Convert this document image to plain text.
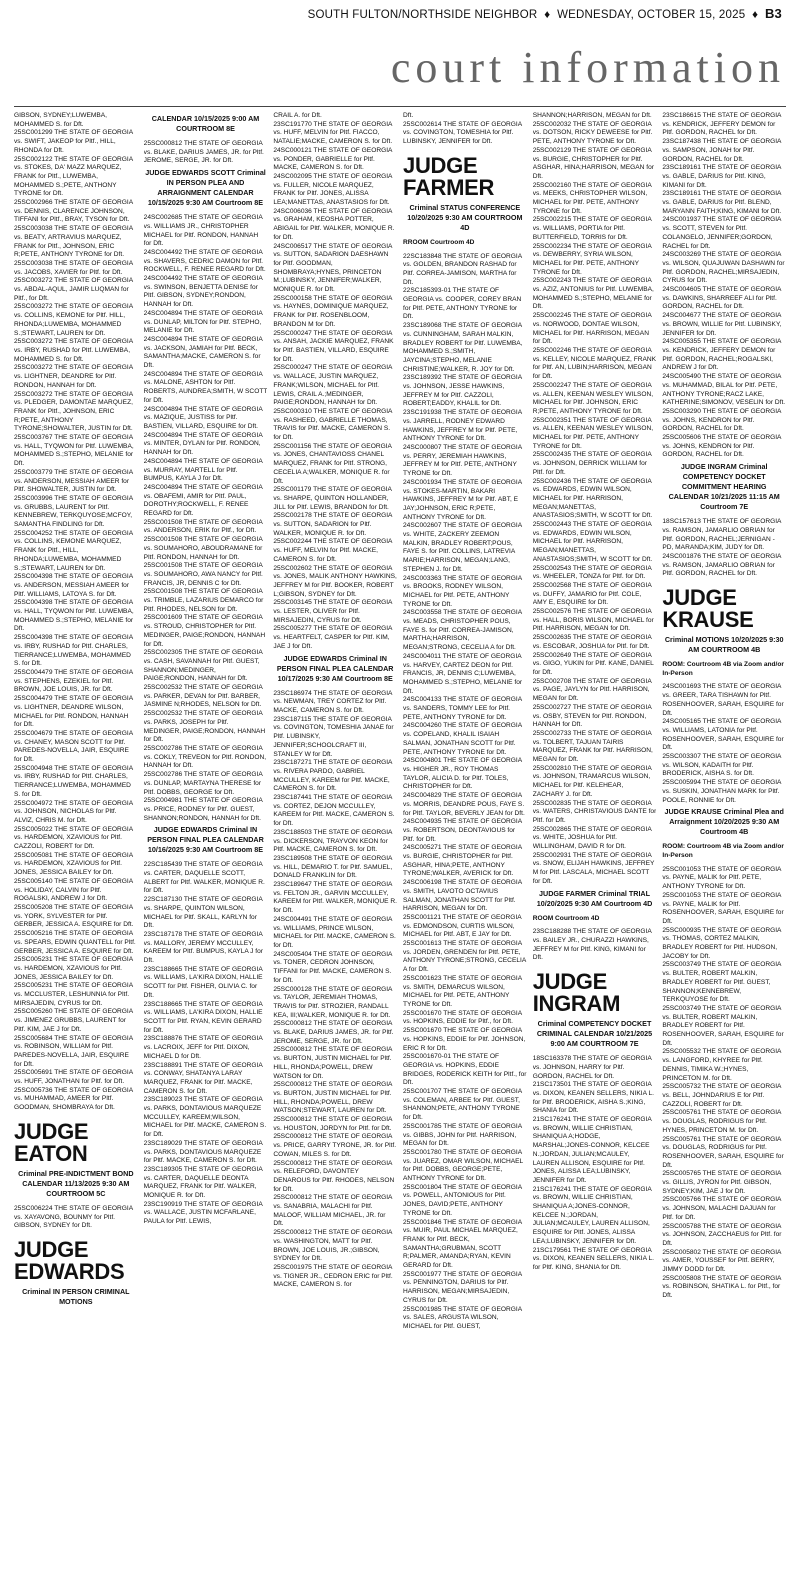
SOUTH FULTON/NORTHSIDE NEIGHBOR  ♦  WEDNESDAY, OCTOBER 15, 2025  ♦  B3
court information

GIBSON, SYDNEY;LUWEMBA, MOHAMMED S. for Dft.

25SC001299 THE STATE OF GEORGIA vs. SWIFT, JAKEOP for Pltf., HILL, RHONDA for Dft.

25SC002122 THE STATE OF GEORGIA vs. STOKES, DA' MAZZ MARQUEZ, FRANK for Pltf., LUWEMBA, MOHAMMED S.;PETE, ANTHONY TYRONE for Dft.

25SC002966 THE STATE OF GEORGIA vs. DENNIS, CLARENCE JOHNSON, TIFFANI for Pltf., BRAY, TYSON for Dft.

25SC003038 THE STATE OF GEORGIA vs. BEATY, ARTRAVIUS MARQUEZ, FRANK for Pltf., JOHNSON, ERIC R;PETE, ANTHONY TYRONE for Dft.

25SC003038 THE STATE OF GEORGIA vs. JACOBS, XAVIER for Pltf. for Dft.

25SC003272 THE STATE OF GEORGIA vs. ABDAL-AQUL, JAMIR LUQMAN for Pltf., for Dft.

25SC003272 THE STATE OF GEORGIA vs. COLLINS, KEMONE for Pltf. HILL, RHONDA;LUWEMBA, MOHAMMED S.;STEWART, LAUREN for Dft.

25SC003272 THE STATE OF GEORGIA vs. IRBY, RUSHAD for Pltf. LUWEMBA, MOHAMMED S. for Dft.

25SC003272 THE STATE OF GEORGIA vs. LIGHTNER, DEANDRE for Pltf. RONDON, HANNAH for Dft.

25SC003272 THE STATE OF GEORGIA vs. PLEDGER, DAMONTAE MARQUEZ, FRANK for Pltf., JOHNSON, ERIC R;PETE, ANTHONY TYRONE;SHOWALTER, JUSTIN for Dft.

25SC003767 THE STATE OF GEORGIA vs. HALL, TYQWON for Pltf. LUWEMBA, MOHAMMED S.;STEPHO, MELANIE for Dft.

25SC003779 THE STATE OF GEORGIA vs. ANDERSON, MESSIAH AMEER for Pltf. SHOWALTER, JUSTIN for Dft.

25SC003996 THE STATE OF GEORGIA vs. GRUBBS, LAURENT for Pltf. KENNEBREW, TERKQUYOSE;MCFOY, SAMANTHA FINDLING for Dft.

25SC004252 THE STATE OF GEORGIA vs. COLLINS, KEMONE MARQUEZ, FRANK for Pltf., HILL, RHONDA;LUWEMBA, MOHAMMED S.;STEWART, LAUREN for Dft.

25SC004398 THE STATE OF GEORGIA vs. ANDERSON, MESSIAH AMEER for Pltf. WILLIAMS, LATOYA S. for Dft.

25SC004398 THE STATE OF GEORGIA vs. HALL, TYQWON for Pltf. LUWEMBA, MOHAMMED S.;STEPHO, MELANIE for Dft.

25SC004398 THE STATE OF GEORGIA vs. IRBY, RUSHAD for Pltf. CHARLES, TIERRANCE;LUWEMBA, MOHAMMED S. for Dft.

25SC004479 THE STATE OF GEORGIA vs. STEPHENS, EZEKIEL for Pltf. BROWN, JOE LOUIS, JR. for Dft.

25SC004479 THE STATE OF GEORGIA vs. LIGHTNER, DEANDRE WILSON, MICHAEL for Pltf. RONDON, HANNAH for Dft.

25SC004679 THE STATE OF GEORGIA vs. CHANEY, MASON SCOTT for Pltf. PAREDES-NOVELLA, JAIR, ESQUIRE for Dft.

25SC004948 THE STATE OF GEORGIA vs. IRBY, RUSHAD for Pltf. CHARLES, TIERRANCE;LUWEMBA, MOHAMMED S. for Dft.

25SC004972 THE STATE OF GEORGIA vs. JOHNSON, NICHOLAS for Pltf. ALVIZ, CHRIS M. for Dft.

25SC005022 THE STATE OF GEORGIA vs. HARDEMON, XZAVIOUS for Pltf. CAZZOLI, ROBERT for Dft.

25SC005081 THE STATE OF GEORGIA vs. HARDEMON, XZAVIOUS for Pltf. JONES, JESSICA BAILEY for Dft.

25SC005140 THE STATE OF GEORGIA vs. HOLIDAY, CALVIN for Pltf. ROGALSKI, ANDREW J for Dft.

25SC005208 THE STATE OF GEORGIA vs. YORK, SYLVESTER for Pltf. GERBER, JESSICA A. ESQUIRE for Dft.

25SC005216 THE STATE OF GEORGIA vs. SPEARS, EDWIN QUANTELL for Pltf. GERBER, JESSICA A. ESQUIRE for Dft.

25SC005231 THE STATE OF GEORGIA vs. HARDEMON, XZAVIOUS for Pltf. JONES, JESSICA BAILEY for Dft.

25SC005231 THE STATE OF GEORGIA vs. MCCLUSTER, LESHUNNIA for Pltf. MIRSAJEDIN, CYRUS for Dft.

25SC005260 THE STATE OF GEORGIA vs. JIMENEZ GRUBBS, LAURENT for Pltf. KIM, JAE J for Dft.

25SC005684 THE STATE OF GEORGIA vs. ROBINSON, WILLIAM for Pltf. PAREDES-NOVELLA, JAIR, ESQUIRE for Dft.

25SC005691 THE STATE OF GEORGIA vs. HUFF, JONATHAN for Pltf. for Dft.

25SC005736 THE STATE OF GEORGIA vs. MUHAMMAD, AMEER for Pltf. GOODMAN, SHOMBRAYA for Dft.

JUDGE EATON
Criminal PRE-INDICTMENT BOND CALENDAR 11/13/2025 9:30 AM COURTROOM 5C

25SC006224 THE STATE OF GEORGIA vs. XAYAVONG, BOUNMY for Pltf. GIBSON, SYDNEY for Dft.

JUDGE EDWARDS
Criminal IN PERSON CRIMINAL MOTIONS
CALENDAR 10/15/2025 9:00 AM COURTROOM 8E

25SC000812 THE STATE OF GEORGIA vs. BLAKE, DARIUS JAMES, JR. for Pltf. JEROME, SERGE, JR. for Dft.

JUDGE EDWARDS SCOTT Criminal IN PERSON PLEA AND ARRAIGNMENT CALENDAR 10/15/2025 9:30 AM Courtroom 8E

24SC002685 THE STATE OF GEORGIA vs. WILLIAMS JR., CHRISTOPHER MICHAEL for Pltf. RONDON, HANNAH for Dft.

24SC004492 THE STATE OF GEORGIA vs. SHAVERS, CEDRIC DAMON for Pltf. ROCKWELL, F. RENEE REGARD for Dft.

24SC004492 THE STATE OF GEORGIA vs. SWINSON, BENJETTA DENISE for Pltf. GIBSON, SYDNEY;RONDON, HANNAH for Dft.

24SC004894 THE STATE OF GEORGIA vs. DUNLAP, MILTON for Pltf. STEPHO, MELANIE for Dft.

24SC004894 THE STATE OF GEORGIA vs. JACKSON, JAMIAH for Pltf. BECK, SAMANTHA;MACKE, CAMERON S. for Dft.

24SC004894 THE STATE OF GEORGIA vs. MALONE, ASHTON for Pltf. ROBERTS, AUNDREA;SMITH, W SCOTT for Dft.

24SC004894 THE STATE OF GEORGIA vs. MAZIQUE, JUSTISS for Pltf. BASTIEN, VILLARD, ESQUIRE for Dft.

24SC004894 THE STATE OF GEORGIA vs. MINTER, DYLAN for Pltf. RONDON, HANNAH for Dft.

24SC004894 THE STATE OF GEORGIA vs. MURRAY, MARTELL for Pltf. BUMPUS, KAYLA J for Dft.

24SC004894 THE STATE OF GEORGIA vs. OBAFEMI, AMIR for Pltf. PAUL, DOROTHY;ROCKWELL, F. RENEE REGARD for Dft.

25SC001508 THE STATE OF GEORGIA vs. ANDERSON, ERIK for Pltf., for Dft.

25SC001508 THE STATE OF GEORGIA vs. SOUMAHORO, ABOUDRAMANE for Pltf. RONDON, HANNAH for Dft.

25SC001508 THE STATE OF GEORGIA vs. SOUMAHORO, AWA NANCY for Pltf. FRANCIS, JR, DENNIS C for Dft.

25SC001508 THE STATE OF GEORGIA vs. TRIMBLE, LAZARIUS DEMARCO for Pltf. RHODES, NELSON for Dft.

25SC001609 THE STATE OF GEORGIA vs. STROUD, CHRISTOPHER for Pltf. MEDINGER, PAIGE;RONDON, HANNAH for Dft.

25SC002305 THE STATE OF GEORGIA vs. CASH, SAVANNAH for Pltf. GUEST, SHANNON;MEDINGER, PAIGE;RONDON, HANNAH for Dft.

25SC002532 THE STATE OF GEORGIA vs. PARKER, DEVAN for Pltf. BARBER, JASMINE N;RHODES, NELSON for Dft.

25SC002532 THE STATE OF GEORGIA vs. PARKS, JOSEPH for Pltf. MEDINGER, PAIGE;RONDON, HANNAH for Dft.

25SC002786 THE STATE OF GEORGIA vs. COKLY, TREVEON for Pltf. RONDON, HANNAH for Dft.

25SC002786 THE STATE OF GEORGIA vs. DUNLAP, MARTAYNA THERESE for Pltf. DOBBS, GEORGE for Dft.

25SC004981 THE STATE OF GEORGIA vs. PRICE, RODNEY for Pltf. GUEST, SHANNON;RONDON, HANNAH for Dft.

JUDGE EDWARDS Criminal IN PERSON FINAL PLEA CALENDAR 10/16/2025 9:30 AM Courtroom 8E

22SC185439 THE STATE OF GEORGIA vs. CARTER, DAQUELLE SCOTT, ALBERT for Pltf. WALKER, MONIQUE R. for Dft.

22SC187130 THE STATE OF GEORGIA vs. SHARPE, QUINTON WILSON, MICHAEL for Pltf. SKALL, KARLYN for Dft.

23SC187178 THE STATE OF GEORGIA vs. MALLORY, JEREMY MCCULLEY, KAREEM for Pltf. BUMPUS, KAYLA J for Dft.

23SC188665 THE STATE OF GEORGIA vs. WILLIAMS, LA'KIRA DIXON, HALLIE SCOTT for Pltf. FISHER, OLIVIA C. for Dft.

23SC188665 THE STATE OF GEORGIA vs. WILLIAMS, LA'KIRA DIXON, HALLIE SCOTT for Pltf. RYAN, KEVIN GERARD for Dft.

23SC188876 THE STATE OF GEORGIA vs. LACROIX, JEFF for Pltf. DIXON, MICHAEL D for Dft.

23SC188891 THE STATE OF GEORGIA vs. CONWAY, SHATANYA LARAY MARQUEZ, FRANK for Pltf. MACKE, CAMERON S. for Dft.

23SC189023 THE STATE OF GEORGIA vs. PARKS, DONTAVIOUS MARQUEZE MCCULLEY, KAREEM;WILSON, MICHAEL for Pltf. MACKE, CAMERON S. for Dft.

23SC189029 THE STATE OF GEORGIA vs. PARKS, DONTAVIOUS MARQUEZE for Pltf. MACKE, CAMERON S. for Dft.

23SC189305 THE STATE OF GEORGIA vs. CARTER, DAQUELLE DEONTA MARQUEZ, FRANK for Pltf. WALKER, MONIQUE R. for Dft.

23SC190919 THE STATE OF GEORGIA vs. WALLACE, JUSTIN MCFARLANE, PAULA for Pltf. LEWIS,

CRAIL A. for Dft.

23SC191770 THE STATE OF GEORGIA vs. HUFF, MELVIN for Pltf. FIACCO, NATALIE;MACKE, CAMERON S. for Dft.

24SC000121 THE STATE OF GEORGIA vs. PONDER, GABRIELLE for Pltf. MACKE, CAMERON S. for Dft.

24SC002095 THE STATE OF GEORGIA vs. FULLER, NICOLE MARQUEZ, FRANK for Pltf. JONES, ALISSA LEA;MANETTAS, ANASTASIOS for Dft.

24SC006036 THE STATE OF GEORGIA vs. GRAHAM, KEOSHA POTTER, ABIGAIL for Pltf. WALKER, MONIQUE R. for Dft.

24SC006517 THE STATE OF GEORGIA vs. SUTTON, SADARION DAESHAWN for Pltf. GOODMAN, SHOMBRAYA;HYNES, PRINCETON M.;LUBINSKY, JENNIFER;WALKER, MONIQUE R. for Dft.

25SC000158 THE STATE OF GEORGIA vs. HAYNES, DOMINIQUE MARQUEZ, FRANK for Pltf. ROSENBLOOM, BRANDON M for Dft.

25SC000247 THE STATE OF GEORGIA vs. ANSAH, JACKIE MARQUEZ, FRANK for Pltf. BASTIEN, VILLARD, ESQUIRE for Dft.

25SC000247 THE STATE OF GEORGIA vs. WALLACE, JUSTIN MARQUEZ, FRANK;WILSON, MICHAEL for Pltf. LEWIS, CRAIL A.;MEDINGER, PAIGE;RONDON, HANNAH for Dft.

25SC000310 THE STATE OF GEORGIA vs. RASHEED, GABRIELLE THOMAS, TRAVIS for Pltf. MACKE, CAMERON S. for Dft.

25SC001156 THE STATE OF GEORGIA vs. JONES, CHANTAVIOSS CHANEL MARQUEZ, FRANK for Pltf. STRONG, CECELIA A;WALKER, MONIQUE R. for Dft.

25SC001179 THE STATE OF GEORGIA vs. SHARPE, QUINTON HOLLANDER, JILL for Pltf. LEWIS, BRANDON for Dft.

25SC002178 THE STATE OF GEORGIA vs. SUTTON, SADARION for Pltf. WALKER, MONIQUE R. for Dft.

25SC002244 THE STATE OF GEORGIA vs. HUFF, MELVIN for Pltf. MACKE, CAMERON S. for Dft.

25SC002602 THE STATE OF GEORGIA vs. JONES, MALIK ANTHONY HAWKINS, JEFFREY M for Pltf. BOOKER, ROBERT L;GIBSON, SYDNEY for Dft.

25SC003145 THE STATE OF GEORGIA vs. LESTER, OLIVER for Pltf. MIRSAJEDIN, CYRUS for Dft.

25SC005277 THE STATE OF GEORGIA vs. HEARTFELT, CASPER for Pltf. KIM, JAE J for Dft.

JUDGE EDWARDS Criminal IN PERSON FINAL PLEA CALENDAR 10/17/2025 9:30 AM Courtroom 8E

23SC186974 THE STATE OF GEORGIA vs. NEWMAN, TREY CORTEZ for Pltf. MACKE, CAMERON S. for Dft.

23SC187115 THE STATE OF GEORGIA vs. COVINGTON, TOMESHIA JANAE for Pltf. LUBINSKY, JENNIFER;SCHOOLCRAFT III, STANLEY W for Dft.

23SC187271 THE STATE OF GEORGIA vs. RIVERA PARDO, GABRIEL MCCULLEY, KAREEM for Pltf. MACKE, CAMERON S. for Dft.

23SC187441 THE STATE OF GEORGIA vs. CORTEZ, DEJON MCCULLEY, KAREEM for Pltf. MACKE, CAMERON S. for Dft.

23SC188503 THE STATE OF GEORGIA vs. DICKERSON, TRAYVON KEON for Pltf. MACKE, CAMERON S. for Dft.

23SC189508 THE STATE OF GEORGIA vs. HILL, DEMARIO T. for Pltf. SAMUEL, DONALD FRANKLIN for Dft.

23SC189647 THE STATE OF GEORGIA vs. FELTON JR., GARVIN MCCULLEY, KAREEM for Pltf. WALKER, MONIQUE R. for Dft.

24SC004491 THE STATE OF GEORGIA vs. WILLIAMS, PRINCE WILSON, MICHAEL for Pltf. MACKE, CAMERON S. for Dft.

24SC005404 THE STATE OF GEORGIA vs. TONER, CEDRON JOHNSON, TIFFANI for Pltf. MACKE, CAMERON S. for Dft.

25SC000128 THE STATE OF GEORGIA vs. TAYLOR, JEREMIAH THOMAS, TRAVIS for Pltf. STROZIER, RANDALL KEA, III;WALKER, MONIQUE R. for Dft.

25SC000812 THE STATE OF GEORGIA vs. BLAKE, DARIUS JAMES, JR. for Pltf. JEROME, SERGE, JR. for Dft.

25SC000812 THE STATE OF GEORGIA vs. BURTON, JUSTIN MICHAEL for Pltf. HILL, RHONDA;POWELL, DREW WATSON for Dft.

25SC000812 THE STATE OF GEORGIA vs. BURTON, JUSTIN MICHAEL for Pltf. HILL, RHONDA;POWELL, DREW WATSON;STEWART, LAUREN for Dft.

25SC000812 THE STATE OF GEORGIA vs. HOUSTON, JORDYN for Pltf. for Dft.

25SC000812 THE STATE OF GEORGIA vs. PRICE, GARRY TYRONE, JR. for Pltf. COWAN, MILES S. for Dft.

25SC000812 THE STATE OF GEORGIA vs. RELEFORD, DAVONTEY DENAROUS for Pltf. RHODES, NELSON for Dft.

25SC000812 THE STATE OF GEORGIA vs. SANABRIA, MALACHI for Pltf. MALOOF, WILLIAM MICHAEL, JR. for Dft.

25SC000812 THE STATE OF GEORGIA vs. WASHINGTON, MATT for Pltf. BROWN, JOE LOUIS, JR.;GIBSON, SYDNEY for Dft.

25SC001975 THE STATE OF GEORGIA vs. TIGNER JR., CEDRON ERIC for Pltf. MACKE, CAMERON S. for

Dft.

25SC002614 THE STATE OF GEORGIA vs. COVINGTON, TOMESHIA for Pltf. LUBINSKY, JENNIFER for Dft.

JUDGE FARMER
Criminal STATUS CONFERENCE 10/20/2025 9:30 AM COURTROOM 4D
RROOM Courtroom 4D

22SC183848 THE STATE OF GEORGIA vs. GOLDEN, BRANDON RASHAD for Pltf. CORREA-JAMISON, MARTHA for Dft.

22SC185393-01 THE STATE OF GEORGIA vs. COOPER, COREY BRAN for Pltf. PETE, ANTHONY TYRONE for Dft.

23SC189068 THE STATE OF GEORGIA vs. CUNNINGHAM, SARAH MALKIN, BRADLEY ROBERT for Pltf. LUWEMBA, MOHAMMED S.;SMITH, JAYCINA;STEPHO, MELANIE CHRISTINE;WALKER, R. JOY for Dft.

23SC189392 THE STATE OF GEORGIA vs. JOHNSON, JESSE HAWKINS, JEFFREY M for Pltf. CAZZOLI, ROBERT;EADDY, KHALIL for Dft.

23SC191938 THE STATE OF GEORGIA vs. JARRELL, RODNEY EDWARD HAWKINS, JEFFREY M for Pltf. PETE, ANTHONY TYRONE for Dft.

24SC000807 THE STATE OF GEORGIA vs. PERRY, JEREMIAH HAWKINS, JEFFREY M for Pltf. PETE, ANTHONY TYRONE for Dft.

24SC001934 THE STATE OF GEORGIA vs. STOKES-MARTIN, BAKARI HAWKINS, JEFFREY M for Pltf. ABT, E JAY;JOHNSON, ERIC R;PETE, ANTHONY TYRONE for Dft.

24SC002607 THE STATE OF GEORGIA vs. WHITE, ZACKERY ZEEMON MALKIN, BRADLEY ROBERT;POUS, FAYE S. for Pltf. COLLINS, LATREVIA MARIE;HARRISON, MEGAN;LANG, STEPHEN J. for Dft.

24SC003363 THE STATE OF GEORGIA vs. BROOKS, RODNEY WILSON, MICHAEL for Pltf. PETE, ANTHONY TYRONE for Dft.

24SC003558 THE STATE OF GEORGIA vs. MEADS, CHRISTOPHER POUS, FAYE S. for Pltf. CORREA-JAMISON, MARTHA;HARRISON, MEGAN;STRONG, CECELIA A for Dft.

24SC004011 THE STATE OF GEORGIA vs. HARVEY, CARTEZ DEON for Pltf. FRANCIS, JR, DENNIS C;LUWEMBA, MOHAMMED S.;STEPHO, MELANIE for Dft.

24SC004133 THE STATE OF GEORGIA vs. SANDERS, TOMMY LEE for Pltf. PETE, ANTHONY TYRONE for Dft.

24SC004260 THE STATE OF GEORGIA vs. COPELAND, KHALIL ISAIAH SALMAN, JONATHAN SCOTT for Pltf. PETE, ANTHONY TYRONE for Dft.

24SC004801 THE STATE OF GEORGIA vs. HIGHER JR., ROY THOMAS TAYLOR, ALICIA D. for Pltf. TOLES, CHRISTOPHER for Dft.

24SC004829 THE STATE OF GEORGIA vs. MORRIS, DEANDRE POUS, FAYE S. for Pltf. TAYLOR, BEVERLY JEAN for Dft.

24SC004935 THE STATE OF GEORGIA vs. ROBERTSON, DEONTAVIOUS for Pltf. for Dft.

24SC005271 THE STATE OF GEORGIA vs. BURGIE, CHRISTOPHER for Pltf. ASGHAR, HINA;PETE, ANTHONY TYRONE;WALKER, AVERICK for Dft.

24SC006198 THE STATE OF GEORGIA vs. SMITH, LAVOTO OCTAVIUS SALMAN, JONATHAN SCOTT for Pltf. HARRISON, MEGAN for Dft.

25SC001121 THE STATE OF GEORGIA vs. EDMONDSON, CURTIS WILSON, MICHAEL for Pltf. ABT, E JAY for Dft.

25SC001613 THE STATE OF GEORGIA vs. JORDEN, GRENDEN for Pltf. PETE, ANTHONY TYRONE;STRONG, CECELIA A for Dft.

25SC001623 THE STATE OF GEORGIA vs. SMITH, DEMARCUS WILSON, MICHAEL for Pltf. PETE, ANTHONY TYRONE for Dft.

25SC001670 THE STATE OF GEORGIA vs. HOPKINS, EDDIE for Pltf., for Dft.

25SC001670 THE STATE OF GEORGIA vs. HOPKINS, EDDIE for Pltf. JOHNSON, ERIC R for Dft.

25SC001670-01 THE STATE OF GEORGIA vs. HOPKINS, EDDIE BRIDGES, RODERICK KEITH for Pltf., for Dft.

25SC001707 THE STATE OF GEORGIA vs. COLEMAN, ARBEE for Pltf. GUEST, SHANNON;PETE, ANTHONY TYRONE for Dft.

25SC001785 THE STATE OF GEORGIA vs. GIBBS, JOHN for Pltf. HARRISON, MEGAN for Dft.

25SC001780 THE STATE OF GEORGIA vs. JUAREZ, OMAR WILSON, MICHAEL for Pltf. DOBBS, GEORGE;PETE, ANTHONY TYRONE for Dft.

25SC001804 THE STATE OF GEORGIA vs. POWELL, ANTONIOUS for Pltf. JONES, DAVID;PETE, ANTHONY TYRONE for Dft.

25SC001846 THE STATE OF GEORGIA vs. MUIR, PAUL MICHAEL MARQUEZ, FRANK for Pltf. BECK, SAMANTHA;GRUBMAN, SCOTT R;PALMER, AMANDA;RYAN, KEVIN GERARD for Dft.

25SC001977 THE STATE OF GEORGIA vs. PENNINGTON, DARIUS for Pltf. HARRISON, MEGAN;MIRSAJEDIN, CYRUS for Dft.

25SC001985 THE STATE OF GEORGIA vs. SALES, ARGUSTA WILSON, MICHAEL for Pltf. GUEST,

SHANNON;HARRISON, MEGAN for Dft.

25SC002032 THE STATE OF GEORGIA vs. DOTSON, RICKY DEWEESE for Pltf. PETE, ANTHONY TYRONE for Dft.

25SC002129 THE STATE OF GEORGIA vs. BURGIE, CHRISTOPHER for Pltf. ASGHAR, HINA;HARRISON, MEGAN for Dft.

25SC002160 THE STATE OF GEORGIA vs. MEEKS, CHRISTOPHER WILSON, MICHAEL for Pltf. PETE, ANTHONY TYRONE for Dft.

25SC002215 THE STATE OF GEORGIA vs. WILLIAMS, PORTIA for Pltf. BUTTERFIELD, TORRIS for Dft.

25SC002234 THE STATE OF GEORGIA vs. DEWBERRY, SYRIA WILSON, MICHAEL for Pltf. PETE, ANTHONY TYRONE for Dft.

25SC002243 THE STATE OF GEORGIA vs. AZIZ, ANTONIUS for Pltf. LUWEMBA, MOHAMMED S.;STEPHO, MELANIE for Dft.

25SC002245 THE STATE OF GEORGIA vs. NORWOOD, DONTAE WILSON, MICHAEL for Pltf. HARRISON, MEGAN for Dft.

25SC002246 THE STATE OF GEORGIA vs. KELLEY, NICOLE MARQUEZ, FRANK for Pltf. AN, LUBIN;HARRISON, MEGAN for Dft.

25SC002247 THE STATE OF GEORGIA vs. ALLEN, KEENAN WESLEY WILSON, MICHAEL for Pltf. JOHNSON, ERIC R;PETE, ANTHONY TYRONE for Dft.

25SC002351 THE STATE OF GEORGIA vs. ALLEN, KEENAN WESLEY WILSON, MICHAEL for Pltf. PETE, ANTHONY TYRONE for Dft.

25SC002435 THE STATE OF GEORGIA vs. JOHNSON, DERRICK WILLIAM for Pltf. for Dft.

25SC002436 THE STATE OF GEORGIA vs. EDWARDS, EDWIN WILSON, MICHAEL for Pltf. HARRISON, MEGAN;MANETTAS, ANASTASIOS;SMITH, W SCOTT for Dft.

25SC002443 THE STATE OF GEORGIA vs. EDWARDS, EDWIN WILSON, MICHAEL for Pltf. HARRISON, MEGAN;MANETTAS, ANASTASIOS;SMITH, W SCOTT for Dft.

25SC002543 THE STATE OF GEORGIA vs. WHEELER, TONZA for Pltf. for Dft.

25SC002568 THE STATE OF GEORGIA vs. DUFFY, JAMARIO for Pltf. COLE, AMY E, ESQUIRE for Dft.

25SC002576 THE STATE OF GEORGIA vs. HALL, BORIS WILSON, MICHAEL for Pltf. HARRISON, MEGAN for Dft.

25SC002635 THE STATE OF GEORGIA vs. ESCOBAR, JOSHUA for Pltf. for Dft.

25SC002649 THE STATE OF GEORGIA vs. GIGO, YUKIN for Pltf. KANE, DANIEL for Dft.

25SC002708 THE STATE OF GEORGIA vs. PAGE, JAYLYN for Pltf. HARRISON, MEGAN for Dft.

25SC002727 THE STATE OF GEORGIA vs. OSBY, STEVEN for Pltf. RONDON, HANNAH for Dft.

25SC002733 THE STATE OF GEORGIA vs. TOLBERT, TAJUAN TAIRIS MARQUEZ, FRANK for Pltf. HARRISON, MEGAN for Dft.

25SC002810 THE STATE OF GEORGIA vs. JOHNSON, TRAMARCUS WILSON, MICHAEL for Pltf. KELEHEAR, ZACHARY J. for Dft.

25SC002835 THE STATE OF GEORGIA vs. WATERS, CHRISTAVIOUS DANTE for Pltf. for Dft.

25SC002865 THE STATE OF GEORGIA vs. WHITE, JOSHUA for Pltf. WILLINGHAM, DAVID R for Dft.

25SC002931 THE STATE OF GEORGIA vs. SNOW, ELIJAH HAWKINS, JEFFREY M for Pltf. LASCALA, MICHAEL SCOTT for Dft.

JUDGE FARMER Criminal TRIAL 10/20/2025 9:30 AM Courtroom 4D
ROOM Courtroom 4D

23SC188288 THE STATE OF GEORGIA vs. BAILEY JR., CHURAZZI HAWKINS, JEFFREY M for Pltf. KING, KIMANI for Dft.

JUDGE INGRAM
Criminal COMPETENCY DOCKET CRIMINAL CALENDAR 10/21/2025 9:00 AM COURTROOM 7E

18SC163378 THE STATE OF GEORGIA vs. JOHNSON, HARRY for Pltf. GORDON, RACHEL for Dft.

21SC173501 THE STATE OF GEORGIA vs. DIXON, KEANEN SELLERS, NIKIA L. for Pltf. BRODERICK, AISHA S.;KING, SHANIA for Dft.

21SC176241 THE STATE OF GEORGIA vs. BROWN, WILLIE CHRISTIAN, SHANIQUA A;HODGE, MARSHAL;JONES-CONNOR, KELCEE N.;JORDAN, JULIAN;MCAULEY, LAUREN ALLISON, ESQUIRE for Pltf. JONES, ALISSA LEA;LUBINSKY, JENNIFER for Dft.

21SC176241 THE STATE OF GEORGIA vs. BROWN, WILLIE CHRISTIAN, SHANIQUA A;JONES-CONNOR, KELCEE N.;JORDAN, JULIAN;MCAULEY, LAUREN ALLISON, ESQUIRE for Pltf. JONES, ALISSA LEA;LUBINSKY, JENNIFER for Dft.

21SC179561 THE STATE OF GEORGIA vs. DIXON, KEANEN SELLERS, NIKIA L. for Pltf. KING, SHANIA for Dft.

23SC186615 THE STATE OF GEORGIA vs. KENDRICK, JEFFERY DEMON for Pltf. GORDON, RACHEL for Dft.

23SC187438 THE STATE OF GEORGIA vs. SAMPSON, JONAH for Pltf. GORDON, RACHEL for Dft.

23SC189161 THE STATE OF GEORGIA vs. GABLE, DARIUS for Pltf. KING, KIMANI for Dft.

23SC189161 THE STATE OF GEORGIA vs. GABLE, DARIUS for Pltf. BLEND, MARYANN FAITH;KING, KIMANI for Dft.

24SC001937 THE STATE OF GEORGIA vs. SCOTT, STEVEN for Pltf. COLANGELO, JENNIFER;GORDON, RACHEL for Dft.

24SC003269 THE STATE OF GEORGIA vs. WILSON, QUAJUWAN DASHAWN for Pltf. GORDON, RACHEL;MIRSAJEDIN, CYRUS for Dft.

24SC004605 THE STATE OF GEORGIA vs. DAWKINS, SHARREEF ALI for Pltf. GORDON, RACHEL for Dft.

24SC004677 THE STATE OF GEORGIA vs. BROWN, WILLIE for Pltf. LUBINSKY, JENNIFER for Dft.

24SC005355 THE STATE OF GEORGIA vs. KENDRICK, JEFFERY DEMON for Pltf. GORDON, RACHEL;ROGALSKI, ANDREW J for Dft.

24SC005490 THE STATE OF GEORGIA vs. MUHAMMAD, BILAL for Pltf. PETE, ANTHONY TYRONE;RACZ LAKE, KATHERINE;SIMONOV, VESELIN for Dft.

25SC003290 THE STATE OF GEORGIA vs. JOHNS, KENDRON for Pltf. GORDON, RACHEL for Dft.

25SC005606 THE STATE OF GEORGIA vs. JOHNS, KENDRON for Pltf. GORDON, RACHEL for Dft.

JUDGE INGRAM Criminal COMPETENCY DOCKET COMMITMENT HEARING CALENDAR 10/21/2025 11:15 AM Courtroom 7E

18SC157613 THE STATE OF GEORGIA vs. RAMSON, JAMARLIO OBRIAN for Pltf. GORDON, RACHEL;JERNIGAN - PD, MARANDA;KIM, JUDY for Dft.

24SC001876 THE STATE OF GEORGIA vs. RAMSON, JAMARLIO OBRIAN for Pltf. GORDON, RACHEL for Dft.

JUDGE KRAUSE
Criminal MOTIONS 10/20/2025 9:30 AM COURTROOM 4B
ROOM: Courtroom 4B via Zoom and/or In-Person

24SC001693 THE STATE OF GEORGIA vs. GREER, TARA TISHAWN for Pltf. ROSENHOOVER, SARAH, ESQUIRE for Dft.

24SC005165 THE STATE OF GEORGIA vs. WILLIAMS, LATONIA for Pltf. ROSENHOOVER, SARAH, ESQUIRE for Dft.

25SC003307 THE STATE OF GEORGIA vs. WILSON, KADAITH for Pltf. BRODERICK, AISHA S. for Dft.

25SC005994 THE STATE OF GEORGIA vs. SUSKIN, JONATHAN MARK for Pltf. POOLE, RONNIE for Dft.

JUDGE KRAUSE Criminal Plea and Arraignment 10/20/2025 9:30 AM Courtroom 4B
ROOM: Courtroom 4B via Zoom and/or In-Person

25SC001053 THE STATE OF GEORGIA vs. PAYNE, MALIK for Pltf. PETE, ANTHONY TYRONE for Dft.

25SC001053 THE STATE OF GEORGIA vs. PAYNE, MALIK for Pltf. ROSENHOOVER, SARAH, ESQUIRE for Dft.

25SC000935 THE STATE OF GEORGIA vs. THOMAS, CORTEZ MALKIN, BRADLEY ROBERT for Pltf. HUDSON, JACOBY for Dft.

25SC003749 THE STATE OF GEORGIA vs. BULTER, ROBERT MALKIN, BRADLEY ROBERT for Pltf. GUEST, SHANNON;KENNEBREW, TERKQUYOSE for Dft.

25SC003749 THE STATE OF GEORGIA vs. BULTER, ROBERT MALKIN, BRADLEY ROBERT for Pltf. ROSENHOOVER, SARAH, ESQUIRE for Dft.

25SC005532 THE STATE OF GEORGIA vs. LANGFORD, KHYREE for Pltf. DENNIS, TIMIKA W.;HYNES, PRINCETON M. for Dft.

25SC005732 THE STATE OF GEORGIA vs. BELL, JOHNDARIUS E for Pltf. CAZZOLI, ROBERT for Dft.

25SC005761 THE STATE OF GEORGIA vs. DOUGLAS, RODRIGUS for Pltf. HYNES, PRINCETON M. for Dft.

25SC005761 THE STATE OF GEORGIA vs. DOUGLAS, RODRIGUS for Pltf. ROSENHOOVER, SARAH, ESQUIRE for Dft.

25SC005765 THE STATE OF GEORGIA vs. GILLIS, JYRON for Pltf. GIBSON, SYDNEY;KIM, JAE J for Dft.

25SC005766 THE STATE OF GEORGIA vs. JOHNSON, MALACHI DAJUAN for Pltf. for Dft.

25SC005788 THE STATE OF GEORGIA vs. JOHNSON, ZACCHAEUS for Pltf. for Dft.

25SC005802 THE STATE OF GEORGIA vs. AMER, YOUSSEF for Pltf. BERRY, JIMMY DODD for Dft.

25SC005808 THE STATE OF GEORGIA vs. ROBINSON, SHATIKA L. for Pltf., for Dft.
